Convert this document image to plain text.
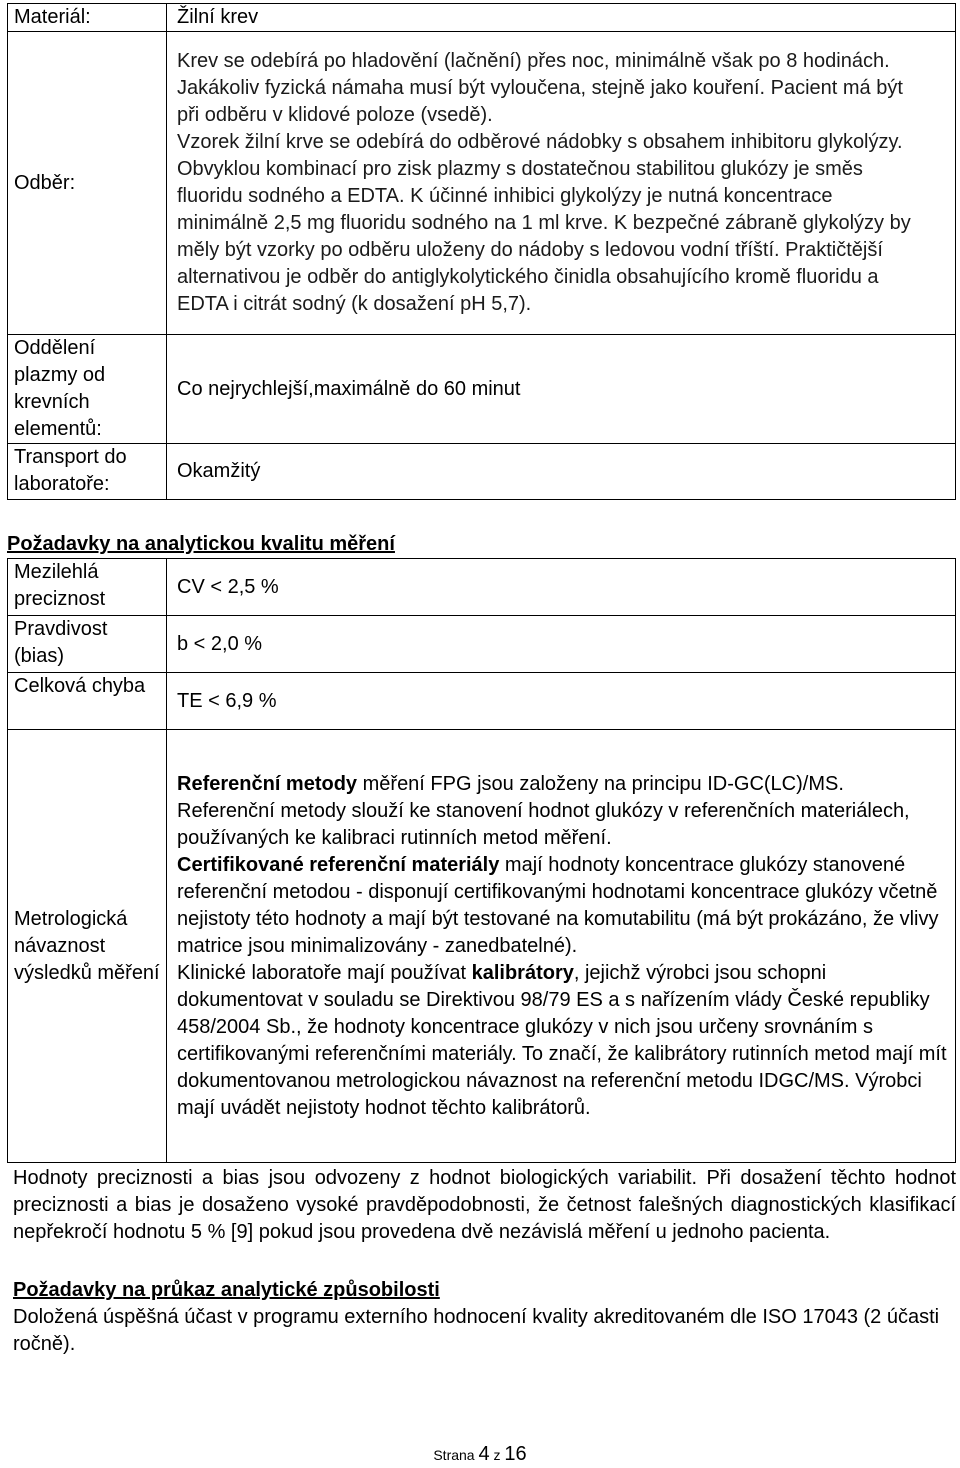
Materiál:	Žilní krev
Odběr:	Krev se odebírá po hladovění (lačnění) přes noc, minimálně však po 8 hodinách. Jakákoliv fyzická námaha musí být vyloučena, stejně jako kouření. Pacient má být při odběru v klidové poloze (vsedě).
Vzorek žilní krve se odebírá do odběrové nádobky s obsahem inhibitoru glykolýzy. Obvyklou kombinací pro zisk plazmy s dostatečnou stabilitou glukózy je směs fluoridu sodného a EDTA. K účinné inhibici glykolýzy je nutná koncentrace minimálně 2,5 mg fluoridu sodného na 1 ml krve. K bezpečné zábraně glykolýzy by měly být vzorky po odběru uloženy do nádoby s ledovou vodní tříští. Praktičtější alternativou je odběr do antiglykolytického činidla obsahujícího kromě fluoridu a EDTA i citrát sodný (k dosažení pH 5,7).

Oddělení plazmy od krevních elementů:	Co nejrychlejší,maximálně do 60 minut
Transport do laboratoře:	Okamžitý
Požadavky na analytickou kvalitu měření
Mezilehlá preciznost	CV < 2,5 %
Pravdivost (bias)	b < 2,0 %
Celková chyba	TE < 6,9 %
Metrologická návaznost výsledků měření	Referenční metody měření FPG jsou založeny na principu ID-GC(LC)/MS. Referenční metody slouží ke stanovení hodnot glukózy v referenčních materiálech, používaných ke kalibraci rutinních metod měření.
Certifikované referenční materiály mají hodnoty koncentrace glukózy stanovené referenční metodou - disponují certifikovanými hodnotami koncentrace glukózy včetně nejistoty této hodnoty a mají být testované na komutabilitu (má být prokázáno, že vlivy matrice jsou minimalizovány - zanedbatelné).
Klinické laboratoře mají používat kalibrátory, jejichž výrobci jsou schopni dokumentovat v souladu se Direktivou 98/79 ES a s nařízením vlády České republiky 458/2004 Sb., že hodnoty koncentrace glukózy v nich jsou určeny srovnáním s certifikovanými referenčními materiály. To značí, že kalibrátory rutinních metod mají mít dokumentovanou metrologickou návaznost na referenční metodu IDGC/MS. Výrobci mají uvádět nejistoty hodnot těchto kalibrátorů.
Hodnoty preciznosti a bias jsou odvozeny z hodnot biologických variabilit. Při dosažení těchto hodnot preciznosti a bias je dosaženo vysoké pravděpodobnosti, že četnost falešných diagnostických klasifikací nepřekročí hodnotu 5 % [9] pokud jsou provedena dvě nezávislá měření u jednoho pacienta.
Požadavky na průkaz analytické způsobilosti
Doložená úspěšná účast v programu externího hodnocení kvality akreditovaném dle ISO 17043 (2 účasti ročně).
Strana 4 z 16
